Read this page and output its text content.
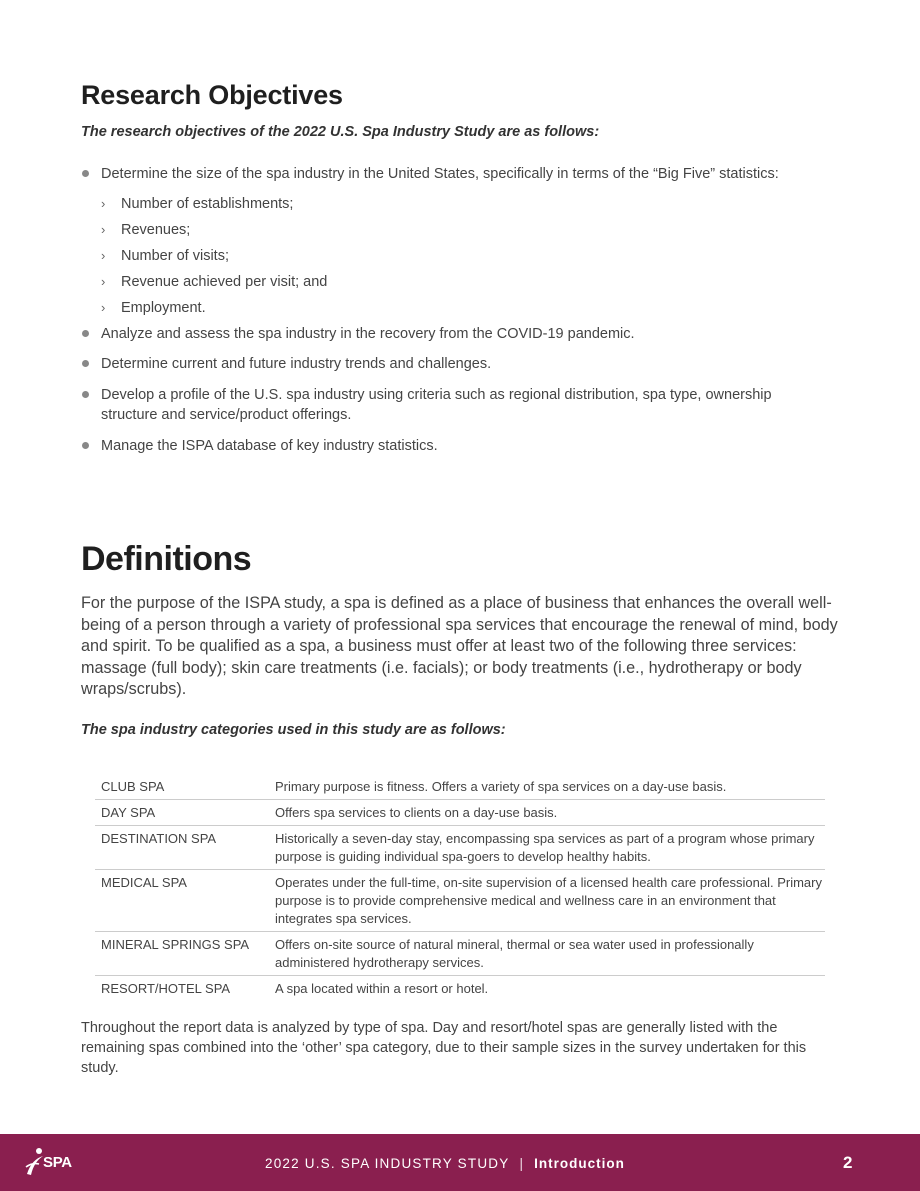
Research Objectives

The research objectives of the 2022 U.S. Spa Industry Study are as follows:

Determine the size of the spa industry in the United States, specifically in terms of the “Big Five” statistics:
› Number of establishments;
› Revenues;
› Number of visits;
› Revenue achieved per visit; and
› Employment.
Analyze and assess the spa industry in the recovery from the COVID-19 pandemic.
Determine current and future industry trends and challenges.
Develop a profile of the U.S. spa industry using criteria such as regional distribution, spa type, ownership structure and service/product offerings.
Manage the ISPA database of key industry statistics.
Definitions

For the purpose of the ISPA study, a spa is defined as a place of business that enhances the overall well-being of a person through a variety of professional spa services that encourage the renewal of mind, body and spirit. To be qualified as a spa, a business must offer at least two of the following three services: massage (full body); skin care treatments (i.e. facials); or body treatments (i.e., hydrotherapy or body wraps/scrubs).

The spa industry categories used in this study are as follows:

CLUB SPA	Primary purpose is fitness. Offers a variety of spa services on a day-use basis.
DAY SPA	Offers spa services to clients on a day-use basis.
DESTINATION SPA	Historically a seven-day stay, encompassing spa services as part of a program whose primary purpose is guiding individual spa-goers to develop healthy habits.
MEDICAL SPA	Operates under the full-time, on-site supervision of a licensed health care professional. Primary purpose is to provide comprehensive medical and wellness care in an environment that integrates spa services.
MINERAL SPRINGS SPA	Offers on-site source of natural mineral, thermal or sea water used in professionally administered hydrotherapy services.
RESORT/HOTEL SPA	A spa located within a resort or hotel.

Throughout the report data is analyzed by type of spa. Day and resort/hotel spas are generally listed with the remaining spas combined into the ‘other’ spa category, due to their sample sizes in the survey undertaken for this study.

SPA	2022 U.S. SPA INDUSTRY STUDY | Introduction	2
